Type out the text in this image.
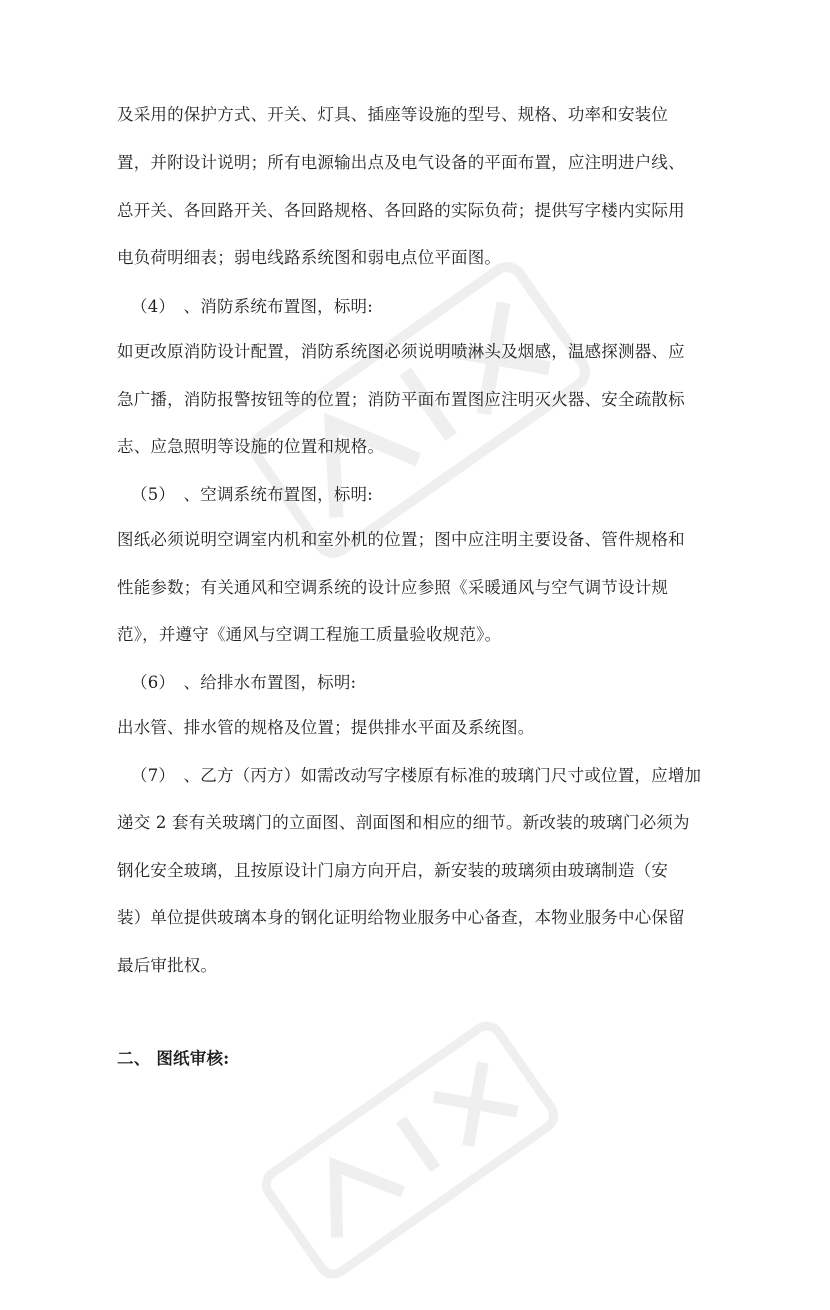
及采用的保护方式、开关、灯具、插座等设施的型号、规格、功率和安装位
置，并附设计说明；所有电源输出点及电气设备的平面布置，应注明进户线、
总开关、各回路开关、各回路规格、各回路的实际负荷；提供写字楼内实际用
电负荷明细表；弱电线路系统图和弱电点位平面图。
（4）　、消防系统布置图，标明:
如更改原消防设计配置，消防系统图必须说明喷淋头及烟感，温感探测器、应
急广播，消防报警按钮等的位置；消防平面布置图应注明灭火器、安全疏散标
志、应急照明等设施的位置和规格。
（5）　、空调系统布置图，标明:
图纸必须说明空调室内机和室外机的位置；图中应注明主要设备、管件规格和
性能参数；有关通风和空调系统的设计应参照《采暖通风与空气调节设计规
范》，并遵守《通风与空调工程施工质量验收规范》。
（6）　、给排水布置图，标明:
出水管、排水管的规格及位置；提供排水平面及系统图。
（7）　、乙方（丙方）如需改动写字楼原有标准的玻璃门尺寸或位置，应增加
递交 2 套有关玻璃门的立面图、剖面图和相应的细节。新改装的玻璃门必须为
钢化安全玻璃，且按原设计门扇方向开启，新安装的玻璃须由玻璃制造（安
装）单位提供玻璃本身的钢化证明给物业服务中心备查，本物业服务中心保留
最后审批权。
二、 图纸审核:
